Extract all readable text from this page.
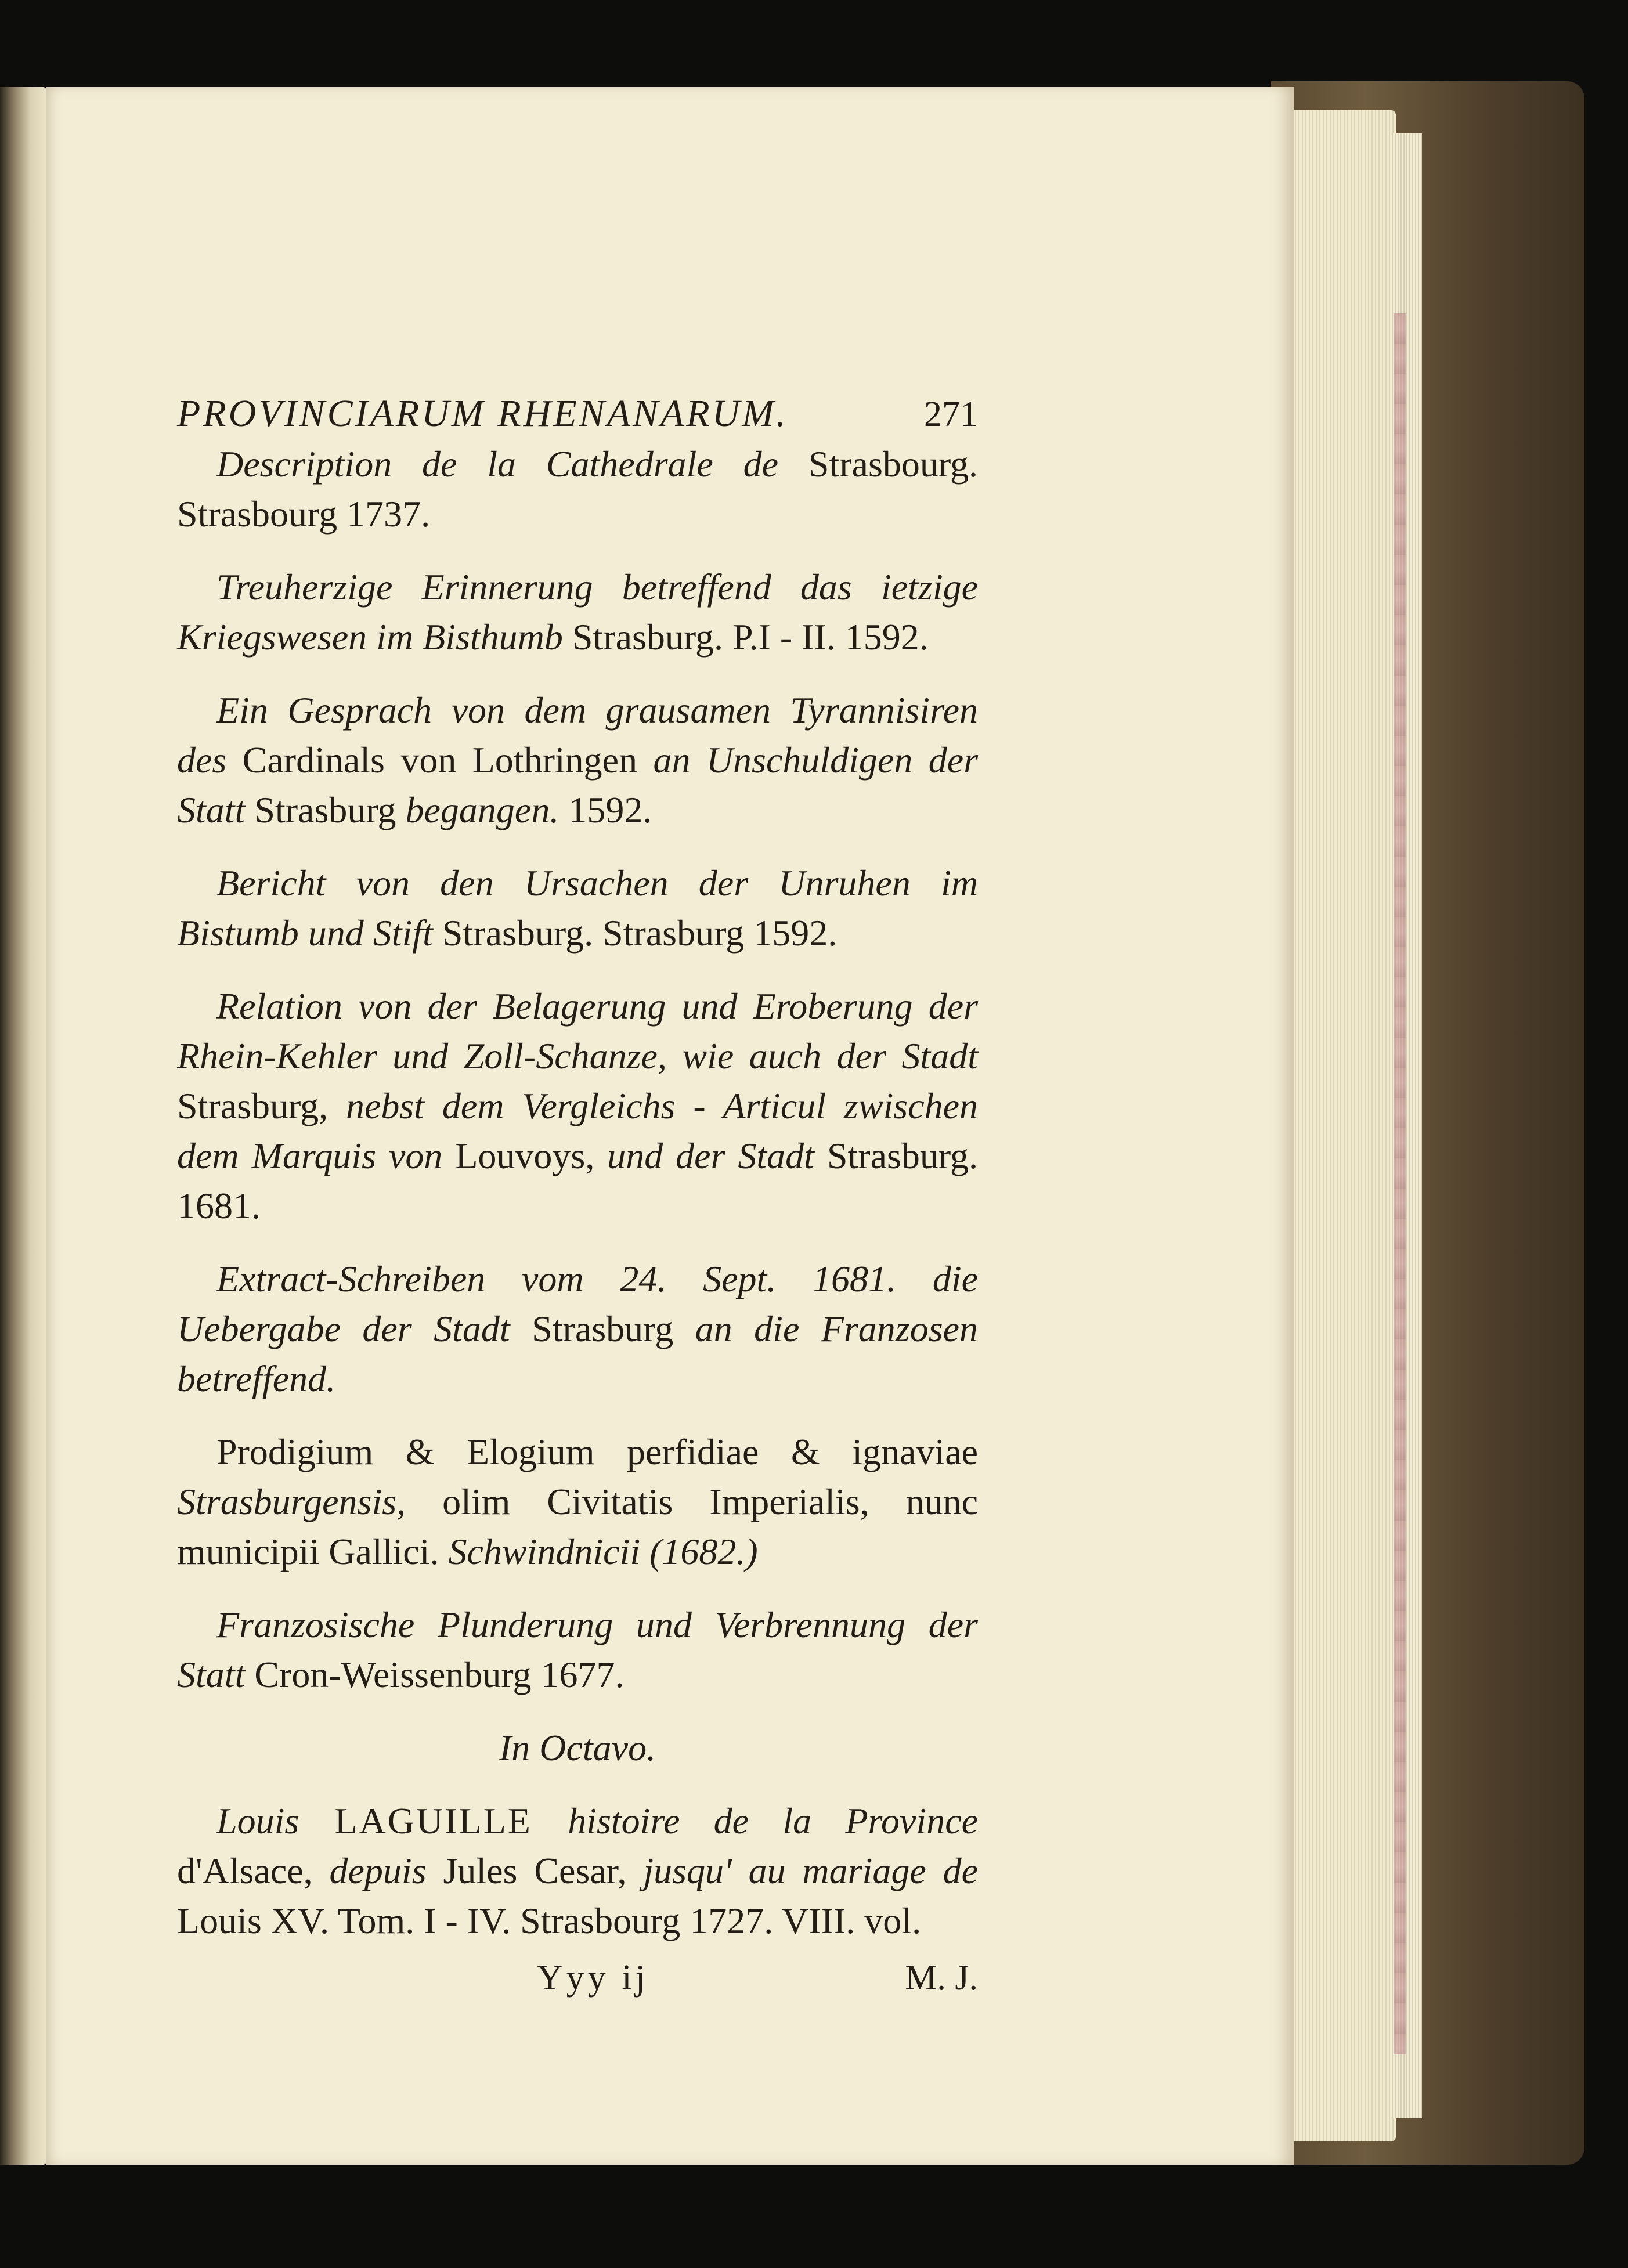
PROVINCIARUM RHENANARUM.	271

Description de la Cathedrale de Strasbourg. Strasbourg 1737.

Treuherzige Erinnerung betreffend das ietzige Kriegswesen im Bisthumb Strasburg. P.I - II. 1592.

Ein Gesprach von dem grausamen Tyrannisiren des Cardinals von Lothringen an Unschuldigen der Statt Strasburg begangen. 1592.

Bericht von den Ursachen der Unruhen im Bistumb und Stift Strasburg. Strasburg 1592.

Relation von der Belagerung und Eroberung der Rhein-Kehler und Zoll-Schanze, wie auch der Stadt Strasburg, nebst dem Vergleichs - Articul zwischen dem Marquis von Louvoys, und der Stadt Strasburg. 1681.

Extract-Schreiben vom 24. Sept. 1681. die Uebergabe der Stadt Strasburg an die Franzosen betreffend.

Prodigium & Elogium perfidiae & ignaviae Strasburgensis, olim Civitatis Imperialis, nunc municipii Gallici. Schwindnicii (1682.)

Franzosische Plunderung und Verbrennung der Statt Cron-Weissenburg 1677.

In Octavo.

Louis LAGUILLE histoire de la Province d'Alsace, depuis Jules Cesar, jusqu' au mariage de Louis XV. Tom. I - IV. Strasbourg 1727. VIII. vol.

Yyy ij	M. J.
